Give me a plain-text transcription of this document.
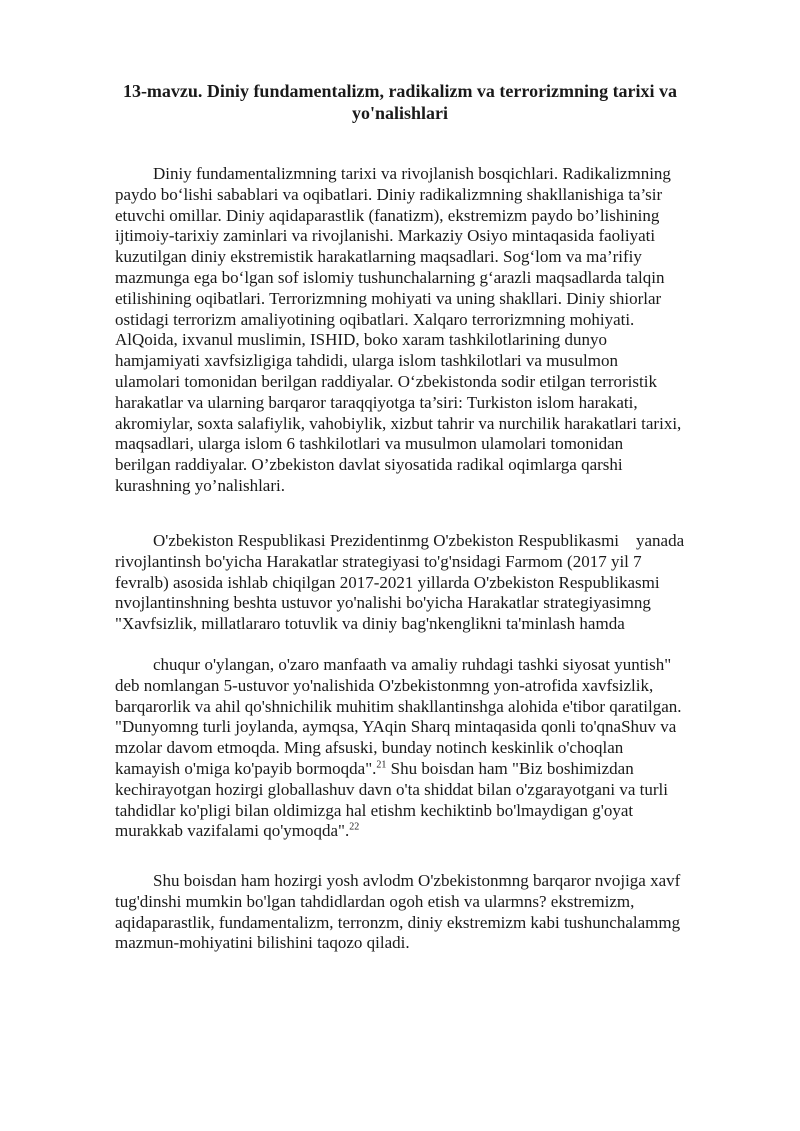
13-mavzu. Diniy fundamentalizm, radikalizm va terrorizmning tarixi va
yo'nalishlari
Diniy fundamentalizmning tarixi va rivojlanish bosqichlari. Radikalizmning
paydo boʻlishi sabablari va oqibatlari. Diniy radikalizmning shakllanishiga ta’sir
etuvchi omillar. Diniy aqidaparastlik (fanatizm), ekstremizm paydo bo’lishining
ijtimoiy-tarixiy zaminlari va rivojlanishi. Markaziy Osiyo mintaqasida faoliyati
kuzutilgan diniy ekstremistik harakatlarning maqsadlari. Sogʻlom va ma’rifiy
mazmunga ega boʻlgan sof islomiy tushunchalarning gʻarazli maqsadlarda talqin
etilishining oqibatlari. Terrorizmning mohiyati va uning shakllari. Diniy shiorlar
ostidagi terrorizm amaliyotining oqibatlari. Xalqaro terrorizmning mohiyati.
AlQoida, ixvanul muslimin, ISHID, boko xaram tashkilotlarining dunyo
hamjamiyati xavfsizligiga tahdidi, ularga islom tashkilotlari va musulmon
ulamolari tomonidan berilgan raddiyalar. Oʻzbekistonda sodir etilgan terroristik
harakatlar va ularning barqaror taraqqiyotga ta’siri: Turkiston islom harakati,
akromiylar, soxta salafiylik, vahobiylik, xizbut tahrir va nurchilik harakatlari tarixi,
maqsadlari, ularga islom 6 tashkilotlari va musulmon ulamolari tomonidan
berilgan raddiyalar. O’zbekiston davlat siyosatida radikal oqimlarga qarshi
kurashning yo’nalishlari.
O'zbekiston Respublikasi Prezidentinmg O'zbekiston Respublikasmi    yanada
rivojlantinsh bo'yicha Harakatlar strategiyasi to'g'nsidagi Farmom (2017 yil 7
fevralb) asosida ishlab chiqilgan 2017-2021 yillarda O'zbekiston Respublikasmi
nvojlantinshning beshta ustuvor yo'nalishi bo'yicha Harakatlar strategiyasimng
"Xavfsizlik, millatlararo totuvlik va diniy bag'nkenglikni ta'minlash hamda
chuqur o'ylangan, o'zaro manfaath va amaliy ruhdagi tashki siyosat yuntish"
deb nomlangan 5-ustuvor yo'nalishida O'zbekistonmng yon-atrofida xavfsizlik,
barqarorlik va ahil qo'shnichilik muhitim shakllantinshga alohida e'tibor qaratilgan.
"Dunyomng turli joylanda, aymqsa, YAqin Sharq mintaqasida qonli to'qnaShuv va
mzolar davom etmoqda. Ming afsuski, bunday notinch keskinlik o'choqlan
kamayish o'miga ko'payib bormoqda".$^{21}$ Shu boisdan ham "Biz boshimizdan
kechirayotgan hozirgi globallashuv davn o'ta shiddat bilan o'zgarayotgani va turli
tahdidlar ko'pligi bilan oldimizga hal etishm kechiktinb bo'lmaydigan g'oyat
murakkab vazifalami qo'ymoqda".$^{22}$
Shu boisdan ham hozirgi yosh avlodm O'zbekistonmng barqaror nvojiga xavf
tug'dinshi mumkin bo'lgan tahdidlardan ogoh etish va ularmns? ekstremizm,
aqidaparastlik, fundamentalizm, terronzm, diniy ekstremizm kabi tushunchalammg
mazmun-mohiyatini bilishini taqozo qiladi.
